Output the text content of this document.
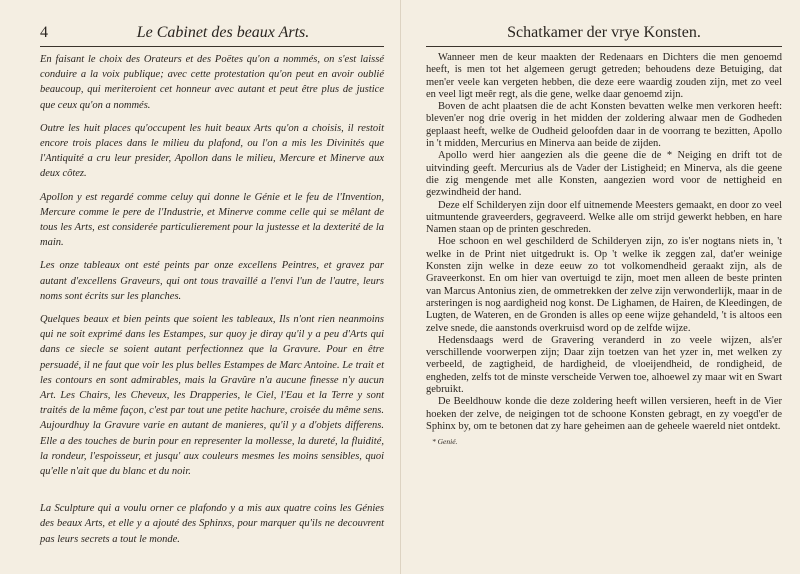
4	Le Cabinet des beaux Arts.

En faisant le choix des Orateurs et des Poëtes qu'on a nommés, on s'est laissé conduire a la voix publique; avec cette protestation qu'on peut en avoir oublié beaucoup, qui meriteroient cet honneur avec autant et peut être plus de justice que ceux qu'on a nommés.

Outre les huit places qu'occupent les huit beaux Arts qu'on a choisis, il restoit encore trois places dans le milieu du plafond, ou l'on a mis les Divinités que l'Antiquité a cru leur presider, Apollon dans le milieu, Mercure et Minerve aux deux côtez.

Apollon y est regardé comme celuy qui donne le Génie et le feu de l'Invention, Mercure comme le pere de l'Industrie, et Minerve comme celle qui se mêlant de tous les Arts, est considerée particulierement pour la justesse et la dexterité de la main.

Les onze tableaux ont esté peints par onze excellens Peintres, et gravez par autant d'excellens Graveurs, qui ont tous travaillé a l'envi l'un de l'autre, leurs noms sont écrits sur les planches.

Quelques beaux et bien peints que soient les tableaux, Ils n'ont rien neanmoins qui ne soit exprimé dans les Estampes, sur quoy je diray qu'il y a peu d'Arts qui dans ce siecle se soient autant perfectionnez que la Gravure. Pour en être persuadé, il ne faut que voir les plus belles Estampes de Marc Antoine. Le trait et les contours en sont admirables, mais la Gravûre n'a aucune finesse n'y aucun Art. Les Chairs, les Cheveux, les Drapperies, le Ciel, l'Eau et la Terre y sont traités de la même façon, c'est par tout une petite hachure, croisée du même sens. Aujourdhuy la Gravure varie en autant de manieres, qu'il y a d'objets differens. Elle a des touches de burin pour en representer la mollesse, la dureté, la fluidité, la rondeur, l'espoisseur, et jusqu' aux couleurs mesmes les moins sensibles, quoi qu'elle n'ait que du blanc et du noir.

La Sculpture qui a voulu orner ce plafondo y a mis aux quatre coins les Génies des beaux Arts, et elle y a ajouté des Sphinxs, pour marquer qu'ils ne decouvrent pas leurs secrets a tout le monde.

Schatkamer der vrye Konsten.

Wanneer men de keur maakten der Redenaars en Dichters die men genoemd heeft, is men tot het algemeen gerugt getreden; behoudens deze Betuiging, dat men'er veele kan vergeten hebben, die deze eere waardig zouden zijn, met zo veel en veel ligt meêr regt, als die gene, welke daar genoemd zijn.

Boven de acht plaatsen die de acht Konsten bevatten welke men verkoren heeft: bleven'er nog drie overig in het midden der zoldering alwaar men de Godheden geplaast heeft, welke de Oudheid geloofden daar in de voorrang te bezitten, Apollo in 't midden, Mercurius en Minerva aan beide de zijden.

Apollo werd hier aangezien als die geene die de * Neiging en drift tot de uitvinding geeft. Mercurius als de Vader der Listigheid; en Minerva, als die geene die zig mengende met alle Konsten, aangezien word voor de nettigheid en gezwindheid der hand.

Deze elf Schilderyen zijn door elf uitnemende Meesters gemaakt, en door zo veel uitmuntende graveerders, gegraveerd. Welke alle om strijd gewerkt hebben, en hare Namen staan op de printen geschreden.

Hoe schoon en wel geschilderd de Schilderyen zijn, zo is'er nogtans niets in, 't welke in de Print niet uitgedrukt is. Op 't welke ik zeggen zal, dat'er weinige Konsten zijn welke in deze eeuw zo tot volkomendheid geraakt zijn, als de Graveerkonst. En om hier van overtuigd te zijn, moet men alleen de beste printen van Marcus Antonius zien, de ommetrekken der zelve zijn verwonderlijk, maar in de arsteringen is nog aardigheid nog konst. De Lighamen, de Hairen, de Kleedingen, de Lugten, de Wateren, en de Gronden is alles op eene wijze gehandeld, 't is altoos een zelve snede, die aanstonds overkruisd word op de zelfde wijze.

Hedensdaags werd de Gravering veranderd in zo veele wijzen, als'er verschillende voorwerpen zijn; Daar zijn toetzen van het yzer in, met welken zy verbeeld, de zagtigheid, de hardigheid, de vloeijendheid, de rondigheid, de engheden, zelfs tot de minste verscheide Verwen toe, alhoewel zy maar wit en Swart gebruikt.

De Beeldhouw konde die deze zoldering heeft willen versieren, heeft in de Vier hoeken der zelve, de neigingen tot de schoone Konsten gebragt, en zy voegd'er de Sphinx by, om te betonen dat zy hare geheimen aan de geheele waereld niet ontdekt.

* Genié.
